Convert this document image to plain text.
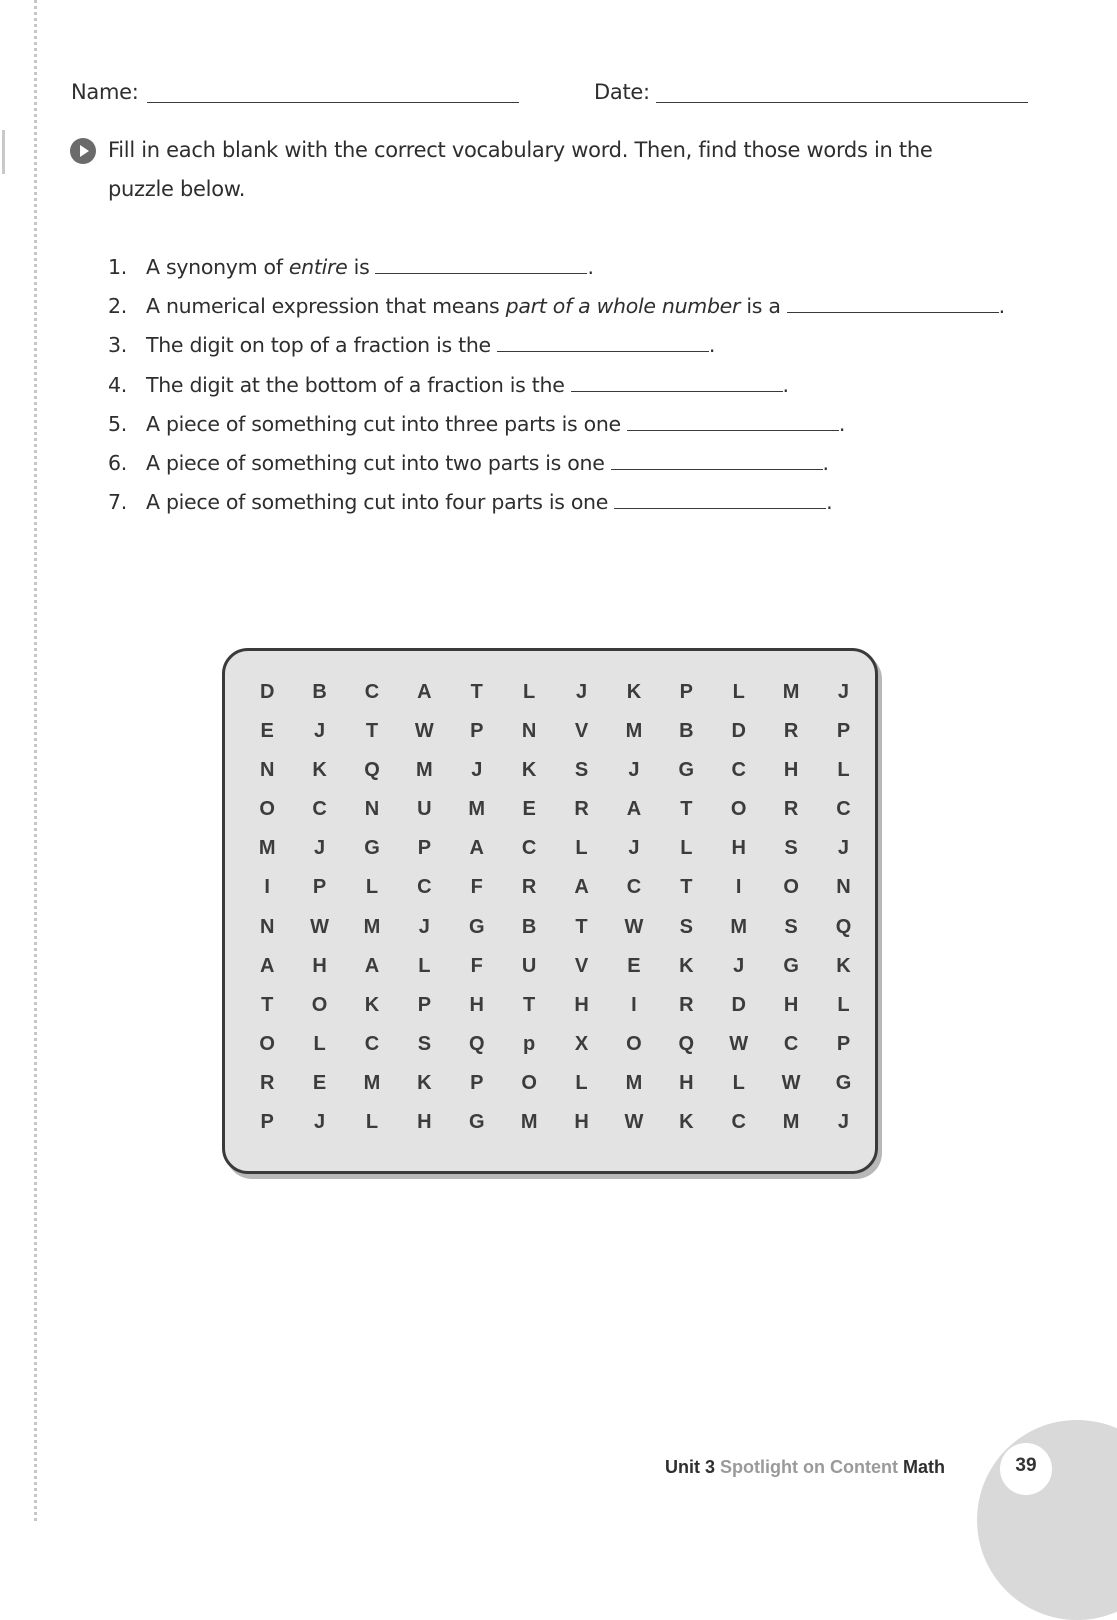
Name:	Date:
Fill in each blank with the correct vocabulary word. Then, find those words in the puzzle below.
1. A synonym of entire is	.
2. A numerical expression that means part of a whole number is a	.
3. The digit on top of a fraction is the	.
4. The digit at the bottom of a fraction is the	.
5. A piece of something cut into three parts is one	.
6. A piece of something cut into two parts is one	.
7. A piece of something cut into four parts is one	.
D	B	C	A	T	L	J	K	P	L	M	J
E	J	T	W	P	N	V	M	B	D	R	P
N	K	Q	M	J	K	S	J	G	C	H	L
O	C	N	U	M	E	R	A	T	O	R	C
M	J	G	P	A	C	L	J	L	H	S	J
I	P	L	C	F	R	A	C	T	I	O	N
N	W	M	J	G	B	T	W	S	M	S	Q
A	H	A	L	F	U	V	E	K	J	G	K
T	O	K	P	H	T	H	I	R	D	H	L
O	L	C	S	Q	p	X	O	Q	W	C	P
R	E	M	K	P	O	L	M	H	L	W	G
P	J	L	H	G	M	H	W	K	C	M	J
39
Unit 3 Spotlight on Content Math
